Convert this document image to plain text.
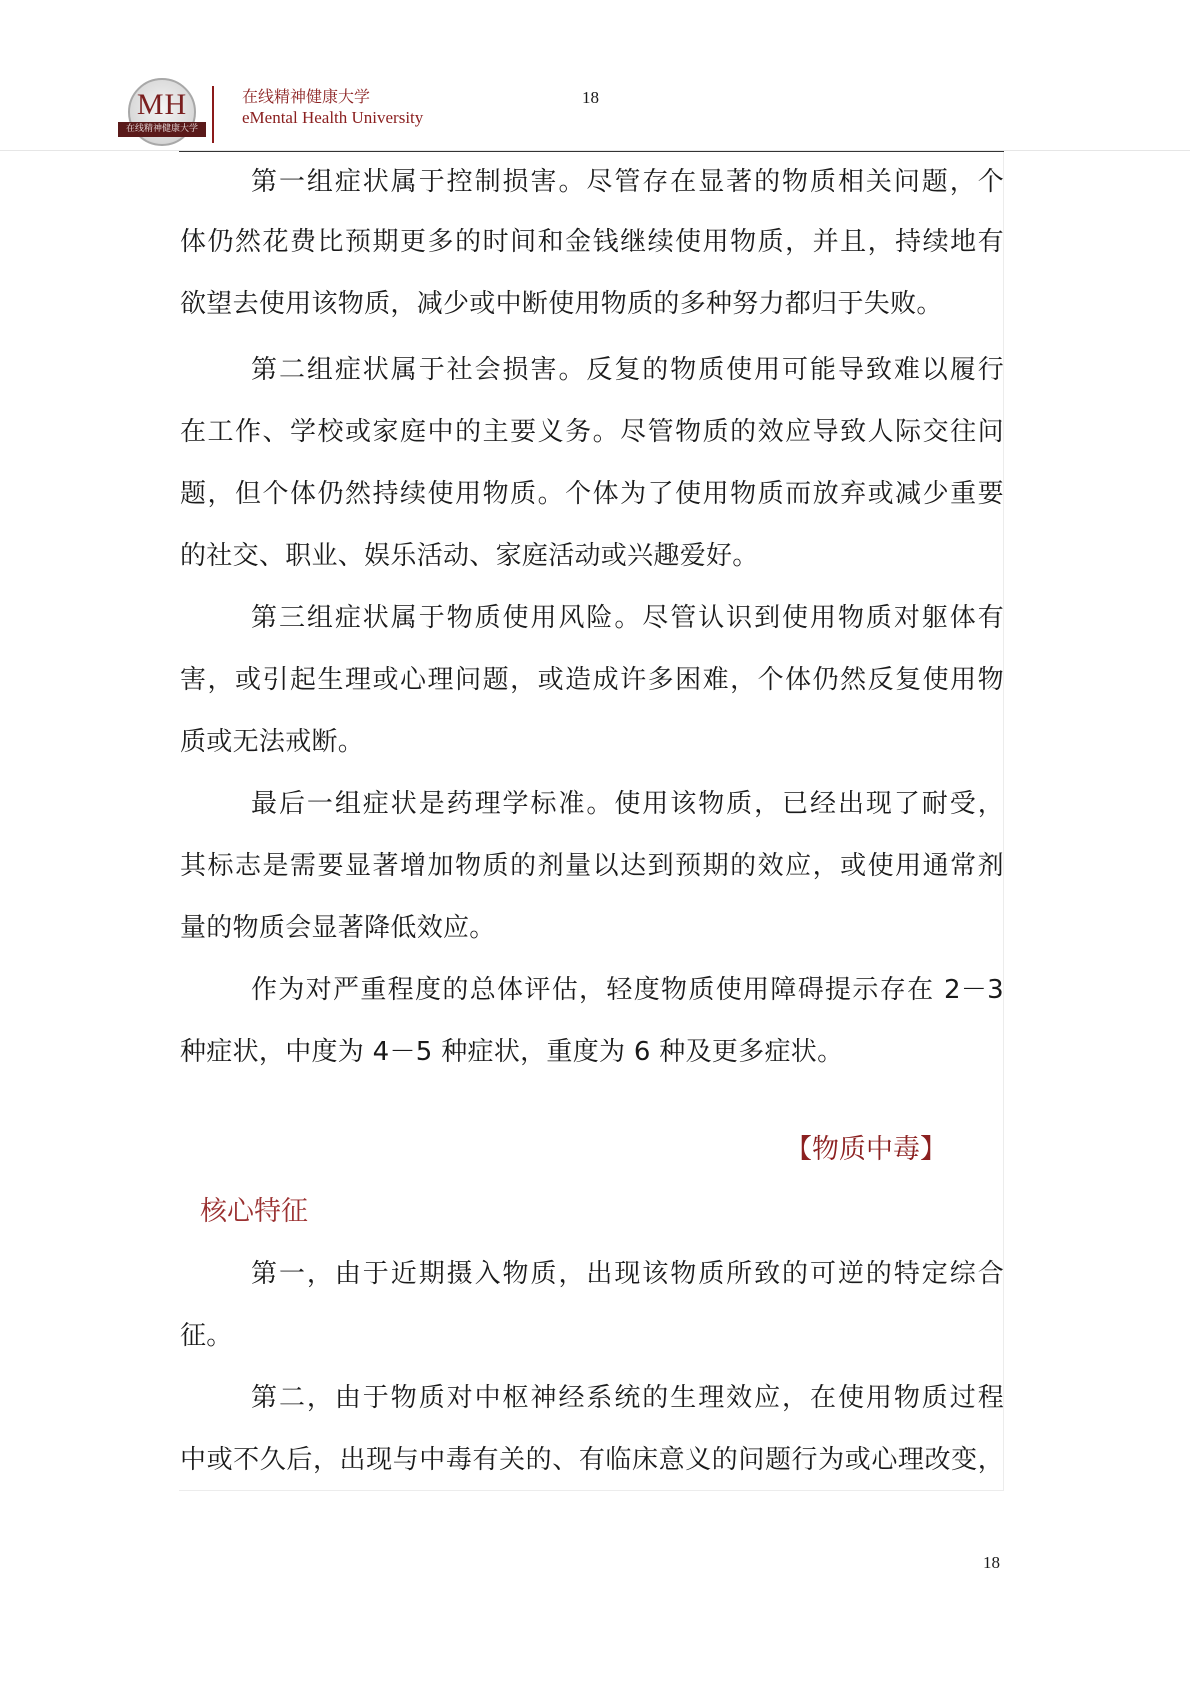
MH
在线精神健康大学
在线精神健康大学
eMental Health University
18
第一组症状属于控制损害。尽管存在显著的物质相关问题，个
体仍然花费比预期更多的时间和金钱继续使用物质，并且，持续地有
欲望去使用该物质，减少或中断使用物质的多种努力都归于失败。
第二组症状属于社会损害。反复的物质使用可能导致难以履行
在工作、学校或家庭中的主要义务。尽管物质的效应导致人际交往问
题，但个体仍然持续使用物质。个体为了使用物质而放弃或减少重要
的社交、职业、娱乐活动、家庭活动或兴趣爱好。
第三组症状属于物质使用风险。尽管认识到使用物质对躯体有
害，或引起生理或心理问题，或造成许多困难，个体仍然反复使用物
质或无法戒断。
最后一组症状是药理学标准。使用该物质，已经出现了耐受，
其标志是需要显著增加物质的剂量以达到预期的效应，或使用通常剂
量的物质会显著降低效应。
作为对严重程度的总体评估，轻度物质使用障碍提示存在 2－3
种症状，中度为 4－5 种症状，重度为 6 种及更多症状。
【物质中毒】
核心特征
第一，由于近期摄入物质，出现该物质所致的可逆的特定综合
征。
第二，由于物质对中枢神经系统的生理效应，在使用物质过程
中或不久后，出现与中毒有关的、有临床意义的问题行为或心理改变，
18
